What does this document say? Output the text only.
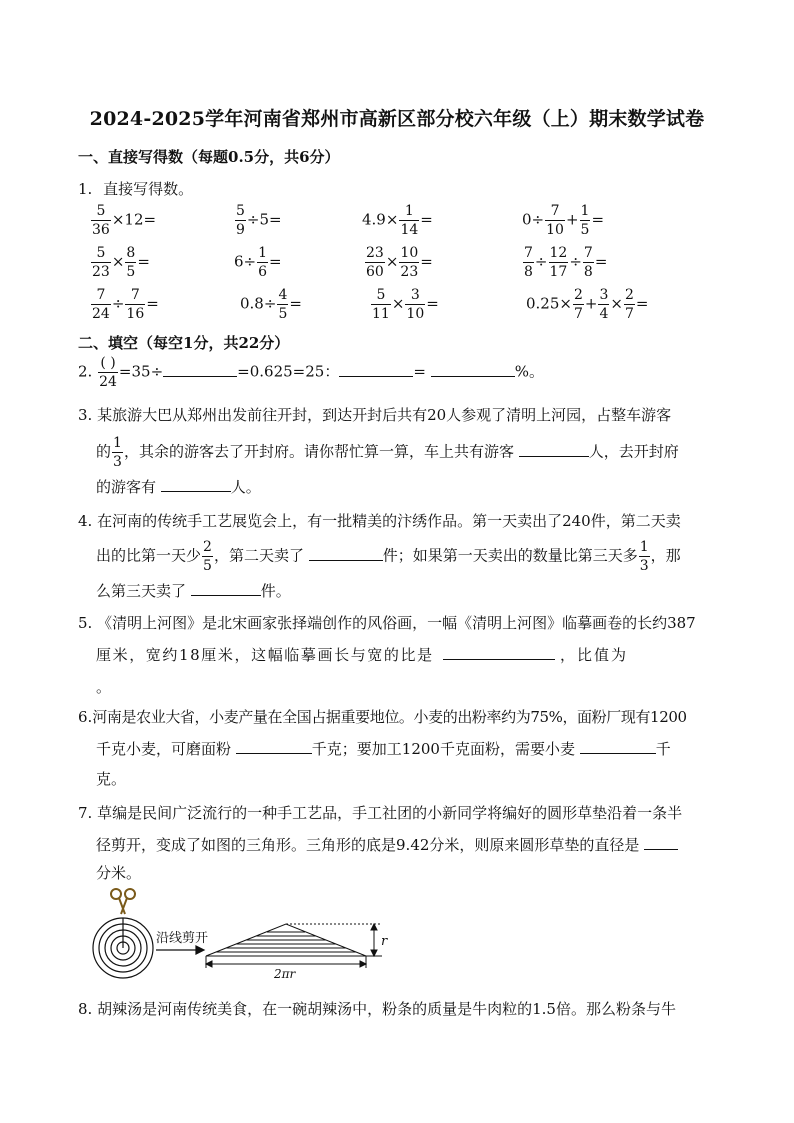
2024-2025学年河南省郑州市高新区部分校六年级（上）期末数学试卷
一、直接写得数（每题0.5分，共6分）
1. 直接写得数。
$\frac{5}{36} \times 12=$	$\frac{5}{9} \div 5=$	$4.9\times \frac{1}{14}$ =	$0\div \frac{7}{10} + \frac{1}{5}$ =
$\frac{5}{23} \times \frac{8}{5}$ =	$6\div \frac{1}{6}$ =	$\frac{23}{60} \times \frac{10}{23}$ =	$\frac{7}{8} \div \frac{12}{17} \div \frac{7}{8}$ =
$\frac{7}{24} \div \frac{7}{16}$ =	$0.8\div \frac{4}{5}$ =	$\frac{5}{11} \times \frac{3}{10}$ =	$0.25\times \frac{2}{7} + \frac{3}{4} \times \frac{2}{7}$ =
二、填空（每空1分，共22分）
2. $\frac{( )}{24} =35\div$	=0.625=25：	=	%。
3. 某旅游大巴从郑州出发前往开封，到达开封后共有20人参观了清明上河园，占整车游客
的 $\frac{1}{3}$ ，其余的游客去了开封府。请你帮忙算一算，车上共有游客	人，去开封府
的游客有	人。
4. 在河南的传统手工艺展览会上，有一批精美的汴绣作品。第一天卖出了240件，第二天卖
出的比第一天少 $\frac{2}{5}$ ，第二天卖了	件；如果第一天卖出的数量比第三天多 $\frac{1}{3}$ ，那
么第三天卖了	件。
5. 《清明上河图》是北宋画家张择端创作的风俗画，一幅《清明上河图》临摹画卷的长约387
厘米，宽约18厘米，这幅临摹画长与宽的比是	，比值为
。
6.河南是农业大省，小麦产量在全国占据重要地位。小麦的出粉率约为75%，面粉厂现有1200
千克小麦，可磨面粉	千克；要加工1200千克面粉，需要小麦	千
克。
7. 草编是民间广泛流行的一种手工艺品，手工社团的小新同学将编好的圆形草垫沿着一条半
径剪开，变成了如图的三角形。三角形的底是9.42分米，则原来圆形草垫的直径是
分米。
沿线剪开	r
2πr
8. 胡辣汤是河南传统美食，在一碗胡辣汤中，粉条的质量是牛肉粒的1.5倍。那么粉条与牛
